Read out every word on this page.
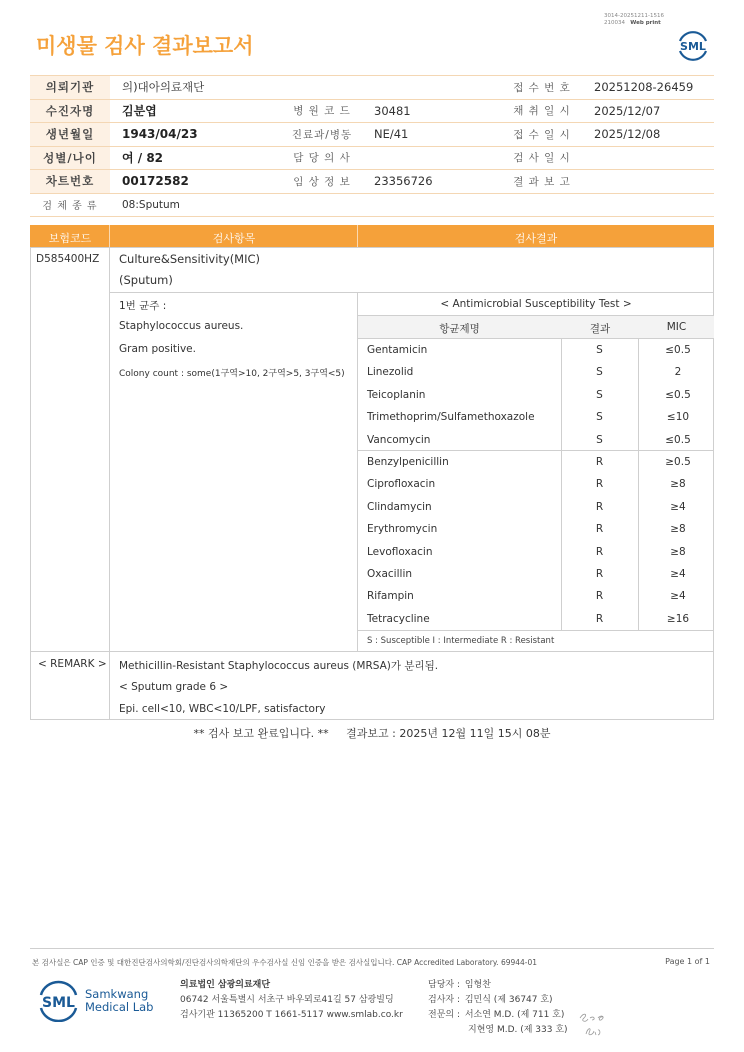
미생물 검사 결과보고서
3014-20251211-1516
210034 Web print
SML
의뢰기관	의)대아의료재단			접 수 번 호	20251208-26459
수진자명	김분엽	병 원 코 드	30481	채 취 일 시	2025/12/07
생년월일	1943/04/23	진료과/병동	NE/41	접 수 일 시	2025/12/08
성별/나이	여 / 82	담 당 의 사		검 사 일 시	
차트번호	00172582	임 상 정 보	23356726	결 과 보 고	
검 체 종 류	08:Sputum				
보험코드	검사항목	검사결과
D585400HZ Culture&Sensitivity(MIC)
(Sputum)
1번 균주 :
Staphylococcus aureus.
Gram positive.
Colony count : some(1구역>10, 2구역>5, 3구역<5)
< Antimicrobial Susceptibility Test >
항균제명	결과	MIC
Gentamicin	S	≤0.5
Linezolid	S	2
Teicoplanin	S	≤0.5
Trimethoprim/Sulfamethoxazole	S	≤10
Vancomycin	S	≤0.5
Benzylpenicillin	R	≥0.5
Ciprofloxacin	R	≥8
Clindamycin	R	≥4
Erythromycin	R	≥8
Levofloxacin	R	≥8
Oxacillin	R	≥4
Rifampin	R	≥4
Tetracycline	R	≥16
S : Susceptible I : Intermediate R : Resistant
< REMARK > Methicillin-Resistant Staphylococcus aureus (MRSA)가 분리됨.
< Sputum grade 6 >
Epi. cell<10, WBC<10/LPF, satisfactory
** 검사 보고 완료입니다. **     결과보고 : 2025년 12월 11일 15시 08분
본 검사실은 CAP 인증 및 대한진단검사의학회/진단검사의학재단의 우수검사실 신임 인증을 받은 검사실입니다. CAP Accredited Laboratory. 69944-01	Page 1 of 1
SML
Samkwang
Medical Lab
의료법인 삼광의료재단
06742 서울특별시 서초구 바우뫼로41길 57 삼광빌딩
검사기관 11365200 T 1661-5117 www.smlab.co.kr
담당자 : 임형찬
검사자 : 김민식 (제 36747 호)
전문의 : 서소연 M.D. (제 711 호)
지현영 M.D. (제 333 호)
